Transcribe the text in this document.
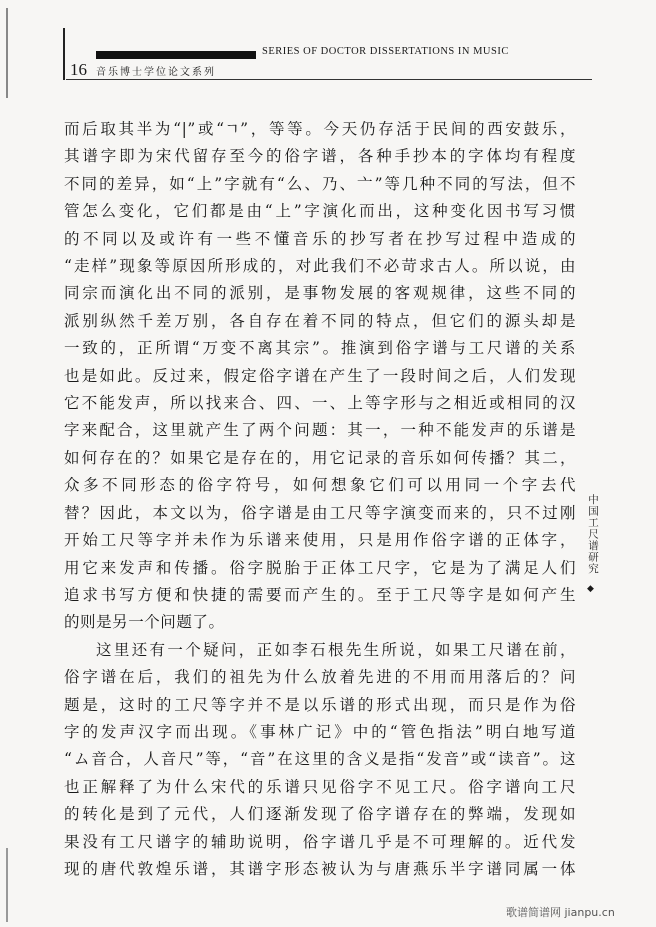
SERIES OF DOCTOR DISSERTATIONS IN MUSIC
16 音乐博士学位论文系列

而后取其半为“|”或“ㄱ”，等等。今天仍存活于民间的西安鼓乐，

其谱字即为宋代留存至今的俗字谱，各种手抄本的字体均有程度

不同的差异，如“上”字就有“么、乃、亠”等几种不同的写法，但不

管怎么变化，它们都是由“上”字演化而出，这种变化因书写习惯

的不同以及或许有一些不懂音乐的抄写者在抄写过程中造成的

“走样”现象等原因所形成的，对此我们不必苛求古人。所以说，由

同宗而演化出不同的派别，是事物发展的客观规律，这些不同的

派别纵然千差万别，各自存在着不同的特点，但它们的源头却是

一致的，正所谓“万变不离其宗”。推演到俗字谱与工尺谱的关系

也是如此。反过来，假定俗字谱在产生了一段时间之后，人们发现

它不能发声，所以找来合、四、一、上等字形与之相近或相同的汉

字来配合，这里就产生了两个问题：其一，一种不能发声的乐谱是

如何存在的？如果它是存在的，用它记录的音乐如何传播？其二，

众多不同形态的俗字符号，如何想象它们可以用同一个字去代

替？因此，本文以为，俗字谱是由工尺等字演变而来的，只不过刚

开始工尺等字并未作为乐谱来使用，只是用作俗字谱的正体字，

用它来发声和传播。俗字脱胎于正体工尺字，它是为了满足人们

追求书写方便和快捷的需要而产生的。至于工尺等字是如何产生

的则是另一个问题了。

这里还有一个疑问，正如李石根先生所说，如果工尺谱在前，

俗字谱在后，我们的祖先为什么放着先进的不用而用落后的？问

题是，这时的工尺等字并不是以乐谱的形式出现，而只是作为俗

字的发声汉字而出现。《事林广记》中的“管色指法”明白地写道

“ム音合，人音尺”等，“音”在这里的含义是指“发音”或“读音”。这

也正解释了为什么宋代的乐谱只见俗字不见工尺。俗字谱向工尺

的转化是到了元代，人们逐渐发现了俗字谱存在的弊端，发现如

果没有工尺谱字的辅助说明，俗字谱几乎是不可理解的。近代发

现的唐代敦煌乐谱，其谱字形态被认为与唐燕乐半字谱同属一体

中国工尺谱研究
◆
歌谱简谱网 jianpu.cn
